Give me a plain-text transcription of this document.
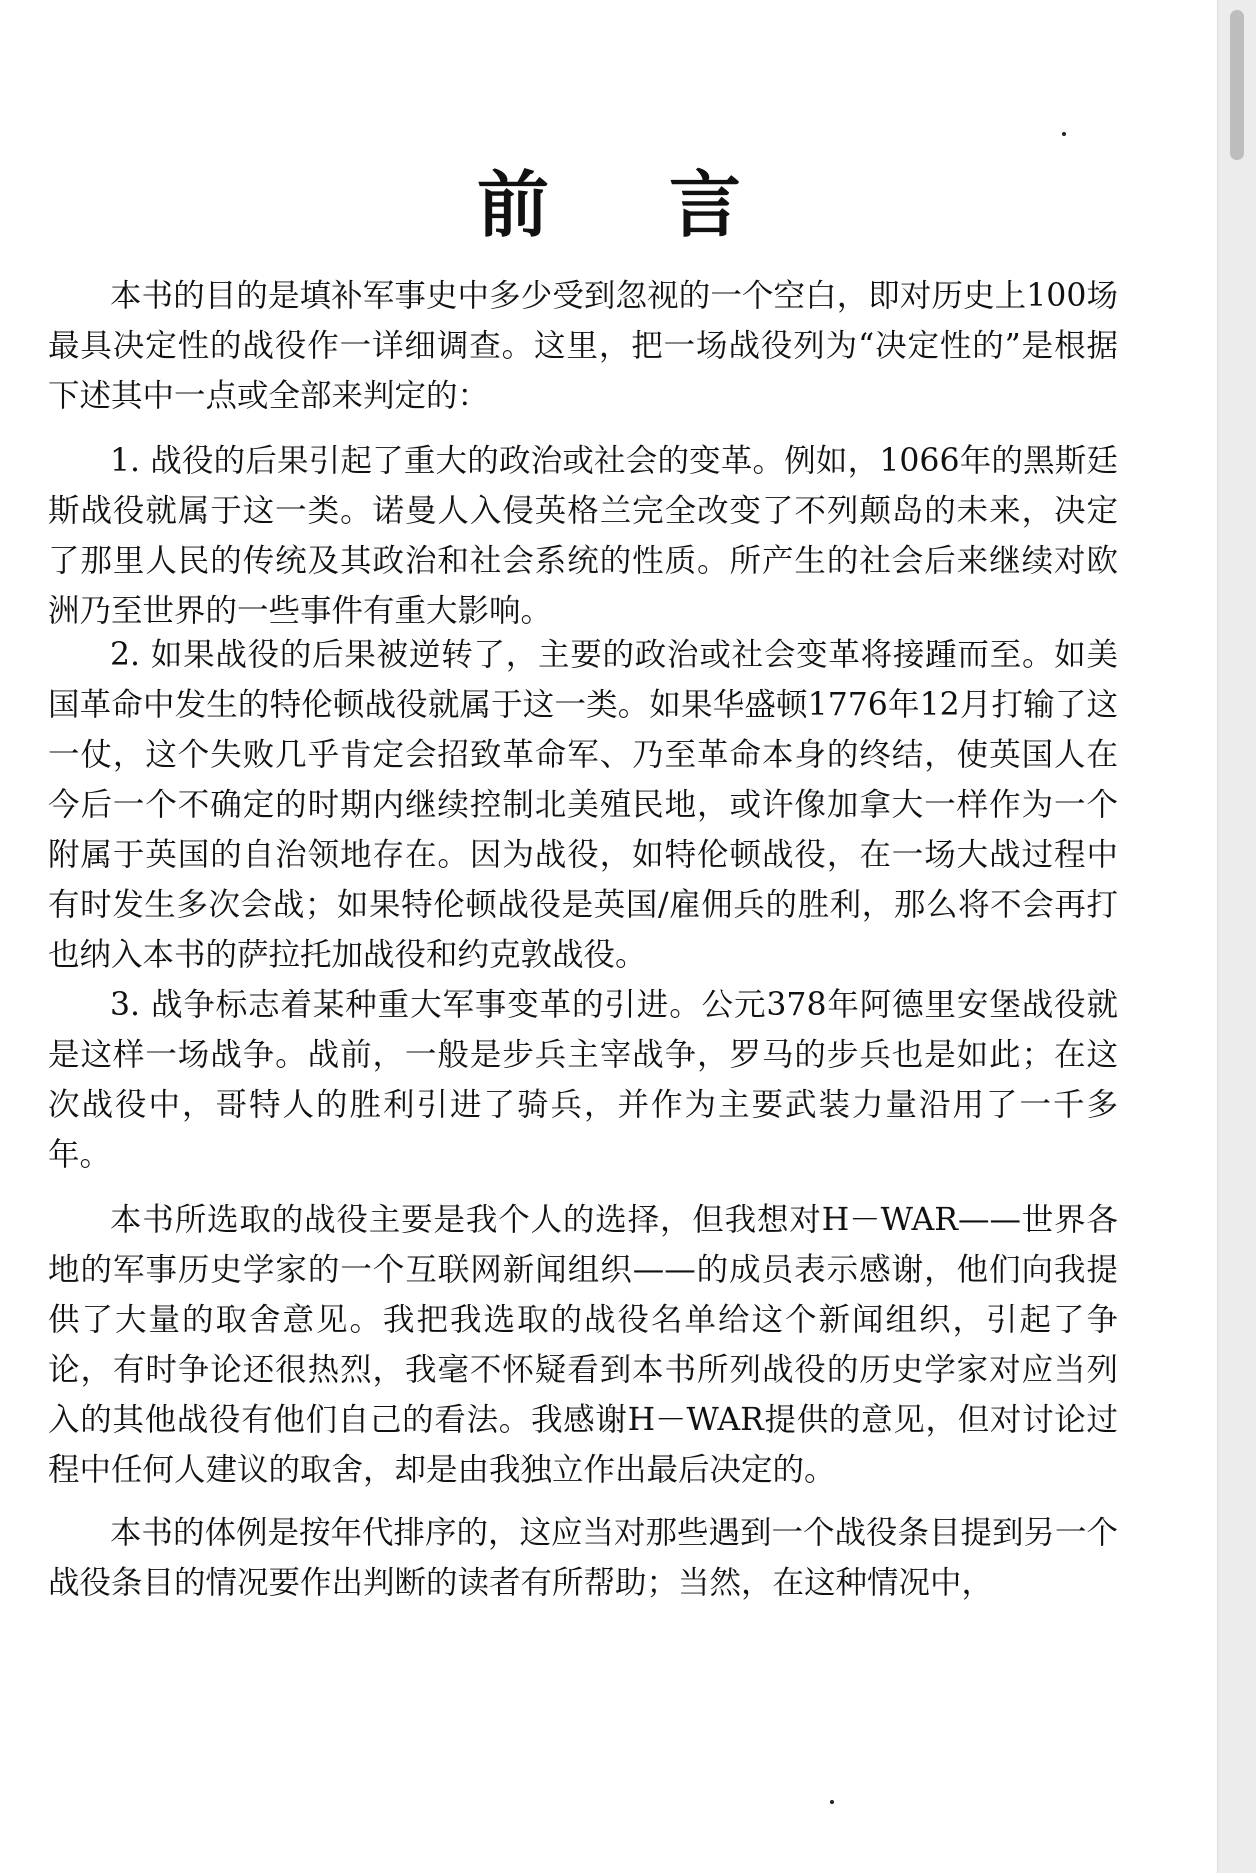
前言

本书的目的是填补军事史中多少受到忽视的一个空白，即对历史上100场最具决定性的战役作一详细调查。这里，把一场战役列为“决定性的”是根据下述其中一点或全部来判定的：

1. 战役的后果引起了重大的政治或社会的变革。例如，1066年的黑斯廷斯战役就属于这一类。诺曼人入侵英格兰完全改变了不列颠岛的未来，决定了那里人民的传统及其政治和社会系统的性质。所产生的社会后来继续对欧洲乃至世界的一些事件有重大影响。

2. 如果战役的后果被逆转了，主要的政治或社会变革将接踵而至。如美国革命中发生的特伦顿战役就属于这一类。如果华盛顿1776年12月打输了这一仗，这个失败几乎肯定会招致革命军、乃至革命本身的终结，使英国人在今后一个不确定的时期内继续控制北美殖民地，或许像加拿大一样作为一个附属于英国的自治领地存在。因为战役，如特伦顿战役，在一场大战过程中有时发生多次会战；如果特伦顿战役是英国/雇佣兵的胜利，那么将不会再打也纳入本书的萨拉托加战役和约克敦战役。

3. 战争标志着某种重大军事变革的引进。公元378年阿德里安堡战役就是这样一场战争。战前，一般是步兵主宰战争，罗马的步兵也是如此；在这次战役中，哥特人的胜利引进了骑兵，并作为主要武装力量沿用了一千多年。

本书所选取的战役主要是我个人的选择，但我想对H－WAR——世界各地的军事历史学家的一个互联网新闻组织——的成员表示感谢，他们向我提供了大量的取舍意见。我把我选取的战役名单给这个新闻组织，引起了争论，有时争论还很热烈，我毫不怀疑看到本书所列战役的历史学家对应当列入的其他战役有他们自己的看法。我感谢H－WAR提供的意见，但对讨论过程中任何人建议的取舍，却是由我独立作出最后决定的。

本书的体例是按年代排序的，这应当对那些遇到一个战役条目提到另一个战役条目的情况要作出判断的读者有所帮助；当然，在这种情况中，
